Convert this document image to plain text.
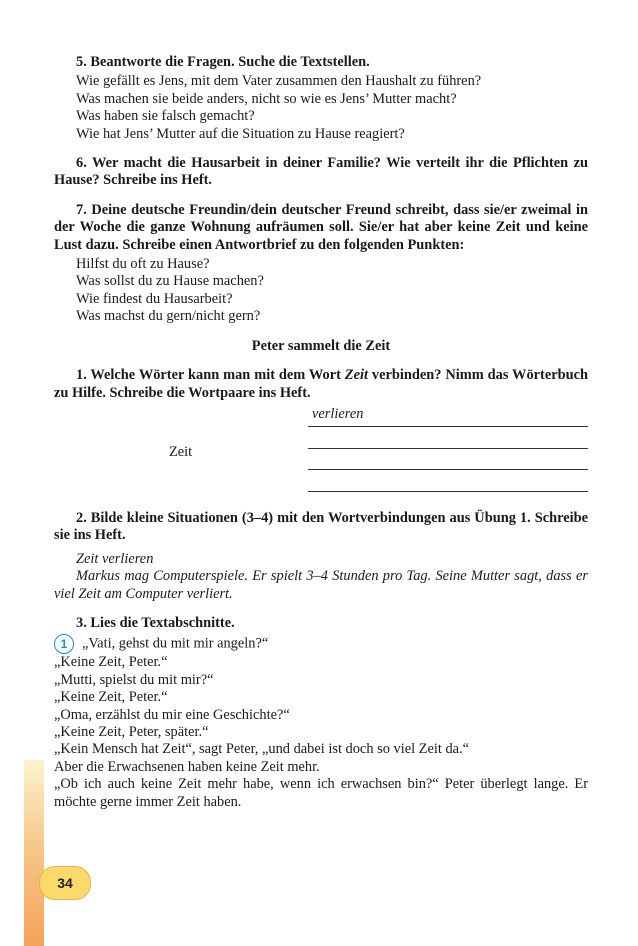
5. Beantworte die Fragen. Suche die Textstellen.

Wie gefällt es Jens, mit dem Vater zusammen den Haushalt zu führen?
Was machen sie beide anders, nicht so wie es Jens’ Mutter macht?
Was haben sie falsch gemacht?
Wie hat Jens’ Mutter auf die Situation zu Hause reagiert?

6. Wer macht die Hausarbeit in deiner Familie? Wie verteilt ihr die Pflichten zu Hause? Schreibe ins Heft.

7. Deine deutsche Freundin/dein deutscher Freund schreibt, dass sie/er zweimal in der Woche die ganze Wohnung aufräumen soll. Sie/er hat aber keine Zeit und keine Lust dazu. Schreibe einen Antwortbrief zu den folgenden Punkten:

Hilfst du oft zu Hause?
Was sollst du zu Hause machen?
Wie findest du Hausarbeit?
Was machst du gern/nicht gern?
Peter sammelt die Zeit

1. Welche Wörter kann man mit dem Wort Zeit verbinden? Nimm das Wörterbuch zu Hilfe. Schreibe die Wortpaare ins Heft.

verlieren
Zeit

2. Bilde kleine Situationen (3–4) mit den Wortverbindungen aus Übung 1. Schreibe sie ins Heft.

Zeit verlieren
Markus mag Computerspiele. Er spielt 3–4 Stunden pro Tag. Seine Mutter sagt, dass er viel Zeit am Computer verliert.

3. Lies die Textabschnitte.

1 „Vati, gehst du mit mir angeln?“
„Keine Zeit, Peter.“
„Mutti, spielst du mit mir?“
„Keine Zeit, Peter.“
„Oma, erzählst du mir eine Geschichte?“
„Keine Zeit, Peter, später.“
„Kein Mensch hat Zeit“, sagt Peter, „und dabei ist doch so viel Zeit da.“
Aber die Erwachsenen haben keine Zeit mehr.
„Ob ich auch keine Zeit mehr habe, wenn ich erwachsen bin?“ Peter überlegt lange. Er möchte gerne immer Zeit haben.
34
